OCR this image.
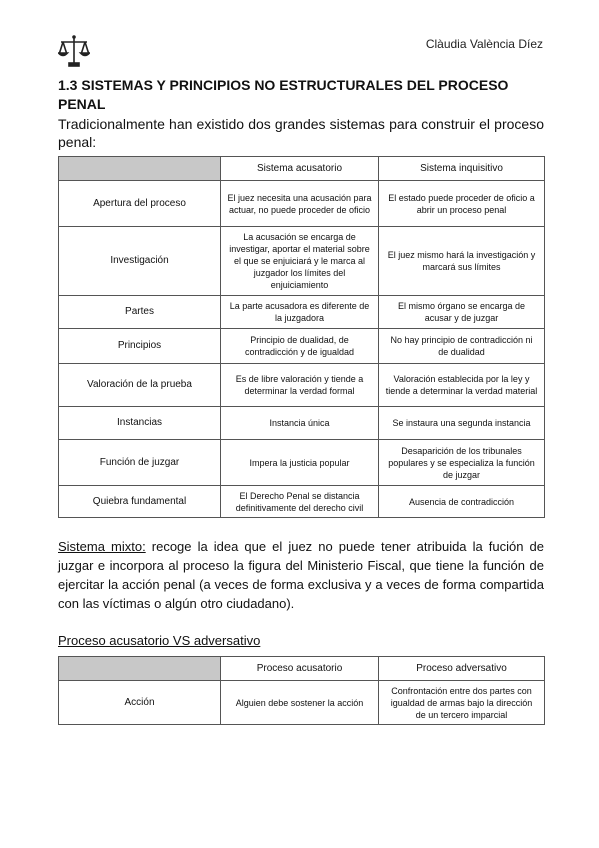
Clàudia València Díez
1.3 SISTEMAS Y PRINCIPIOS NO ESTRUCTURALES DEL PROCESO PENAL

Tradicionalmente han existido dos grandes sistemas para construir el proceso penal:

	Sistema acusatorio	Sistema inquisitivo
Apertura del proceso	El juez necesita una acusación para actuar, no puede proceder de oficio	El estado puede proceder de oficio a abrir un proceso penal
Investigación	La acusación se encarga de investigar, aportar el material sobre el que se enjuiciará y le marca al juzgador los límites del enjuiciamiento	El juez mismo hará la investigación y marcará sus límites
Partes	La parte acusadora es diferente de la juzgadora	El mismo órgano se encarga de acusar y de juzgar
Principios	Principio de dualidad, de contradicción y de igualdad	No hay principio de contradicción ni de dualidad
Valoración de la prueba	Es de libre valoración y tiende a determinar la verdad formal	Valoración establecida por la ley y tiende a determinar la verdad material
Instancias	Instancia única	Se instaura una segunda instancia
Función de juzgar	Impera la justicia popular	Desaparición de los tribunales populares y se especializa la función de juzgar
Quiebra fundamental	El Derecho Penal se distancia definitivamente del derecho civil	Ausencia de contradicción

Sistema mixto: recoge la idea que el juez no puede tener atribuida la fución de juzgar e incorpora al proceso la figura del Ministerio Fiscal, que tiene la función de ejercitar la acción penal (a veces de forma exclusiva y a veces de forma compartida con las víctimas o algún otro ciudadano).

Proceso acusatorio VS adversativo

	Proceso acusatorio	Proceso adversativo
Acción	Alguien debe sostener la acción	Confrontación entre dos partes con igualdad de armas bajo la dirección de un tercero imparcial
